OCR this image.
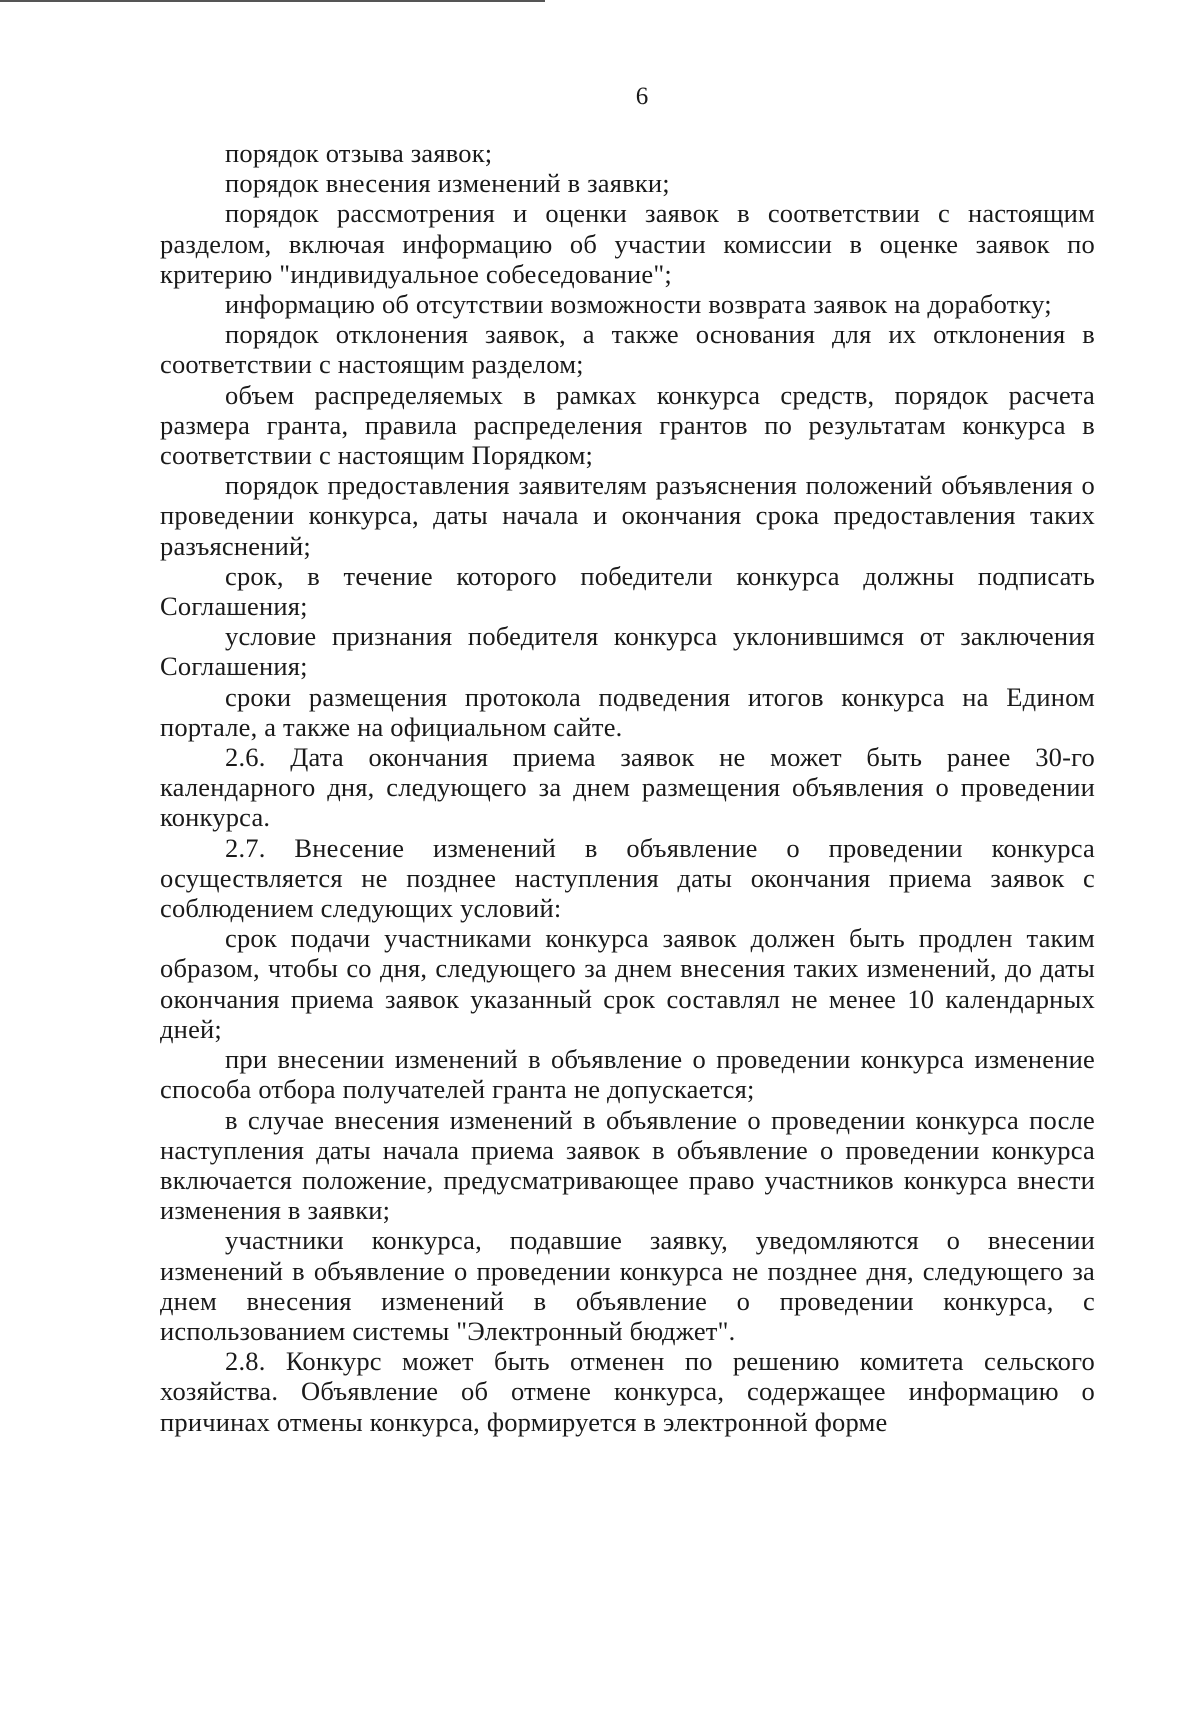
6

порядок отзыва заявок;

порядок внесения изменений в заявки;

порядок рассмотрения и оценки заявок в соответствии с настоящим разделом, включая информацию об участии комиссии в оценке заявок по критерию "индивидуальное собеседование";

информацию об отсутствии возможности возврата заявок на доработку;

порядок отклонения заявок, а также основания для их отклонения в соответствии с настоящим разделом;

объем распределяемых в рамках конкурса средств, порядок расчета размера гранта, правила распределения грантов по результатам конкурса в соответствии с настоящим Порядком;

порядок предоставления заявителям разъяснения положений объявления о проведении конкурса, даты начала и окончания срока предоставления таких разъяснений;

срок, в течение которого победители конкурса должны подписать Соглашения;

условие признания победителя конкурса уклонившимся от заключения Соглашения;

сроки размещения протокола подведения итогов конкурса на Едином портале, а также на официальном сайте.

2.6. Дата окончания приема заявок не может быть ранее 30-го календарного дня, следующего за днем размещения объявления о проведении конкурса.

2.7. Внесение изменений в объявление о проведении конкурса осуществляется не позднее наступления даты окончания приема заявок с соблюдением следующих условий:

срок подачи участниками конкурса заявок должен быть продлен таким образом, чтобы со дня, следующего за днем внесения таких изменений, до даты окончания приема заявок указанный срок составлял не менее 10 календарных дней;

при внесении изменений в объявление о проведении конкурса изменение способа отбора получателей гранта не допускается;

в случае внесения изменений в объявление о проведении конкурса после наступления даты начала приема заявок в объявление о проведении конкурса включается положение, предусматривающее право участников конкурса внести изменения в заявки;

участники конкурса, подавшие заявку, уведомляются о внесении изменений в объявление о проведении конкурса не позднее дня, следующего за днем внесения изменений в объявление о проведении конкурса, с использованием системы "Электронный бюджет".

2.8. Конкурс может быть отменен по решению комитета сельского хозяйства. Объявление об отмене конкурса, содержащее информацию о причинах отмены конкурса, формируется в электронной форме
